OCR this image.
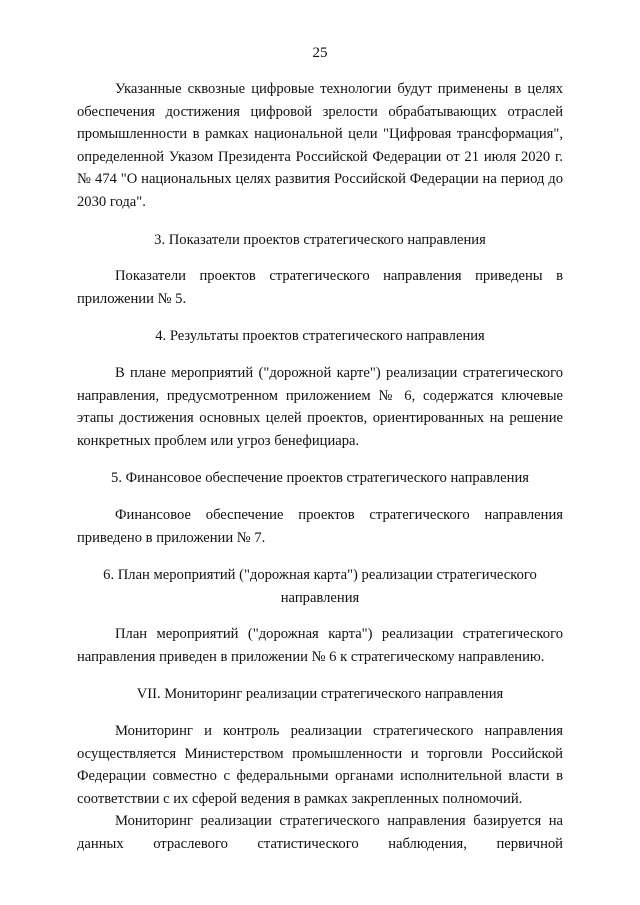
25

Указанные сквозные цифровые технологии будут применены в целях обеспечения достижения цифровой зрелости обрабатывающих отраслей промышленности в рамках национальной цели "Цифровая трансформация", определенной Указом Президента Российской Федерации от 21 июля 2020 г. № 474 "О национальных целях развития Российской Федерации на период до 2030 года".

3. Показатели проектов стратегического направления

Показатели проектов стратегического направления приведены в приложении № 5.

4. Результаты проектов стратегического направления

В плане мероприятий ("дорожной карте") реализации стратегического направления, предусмотренном приложением № 6, содержатся ключевые этапы достижения основных целей проектов, ориентированных на решение конкретных проблем или угроз бенефициара.

5. Финансовое обеспечение проектов стратегического направления

Финансовое обеспечение проектов стратегического направления приведено в приложении № 7.

6. План мероприятий ("дорожная карта") реализации стратегического направления

План мероприятий ("дорожная карта") реализации стратегического направления приведен в приложении № 6 к стратегическому направлению.

VII. Мониторинг реализации стратегического направления

Мониторинг и контроль реализации стратегического направления осуществляется Министерством промышленности и торговли Российской Федерации совместно с федеральными органами исполнительной власти в соответствии с их сферой ведения в рамках закрепленных полномочий.

Мониторинг реализации стратегического направления базируется на данных отраслевого статистического наблюдения, первичной
